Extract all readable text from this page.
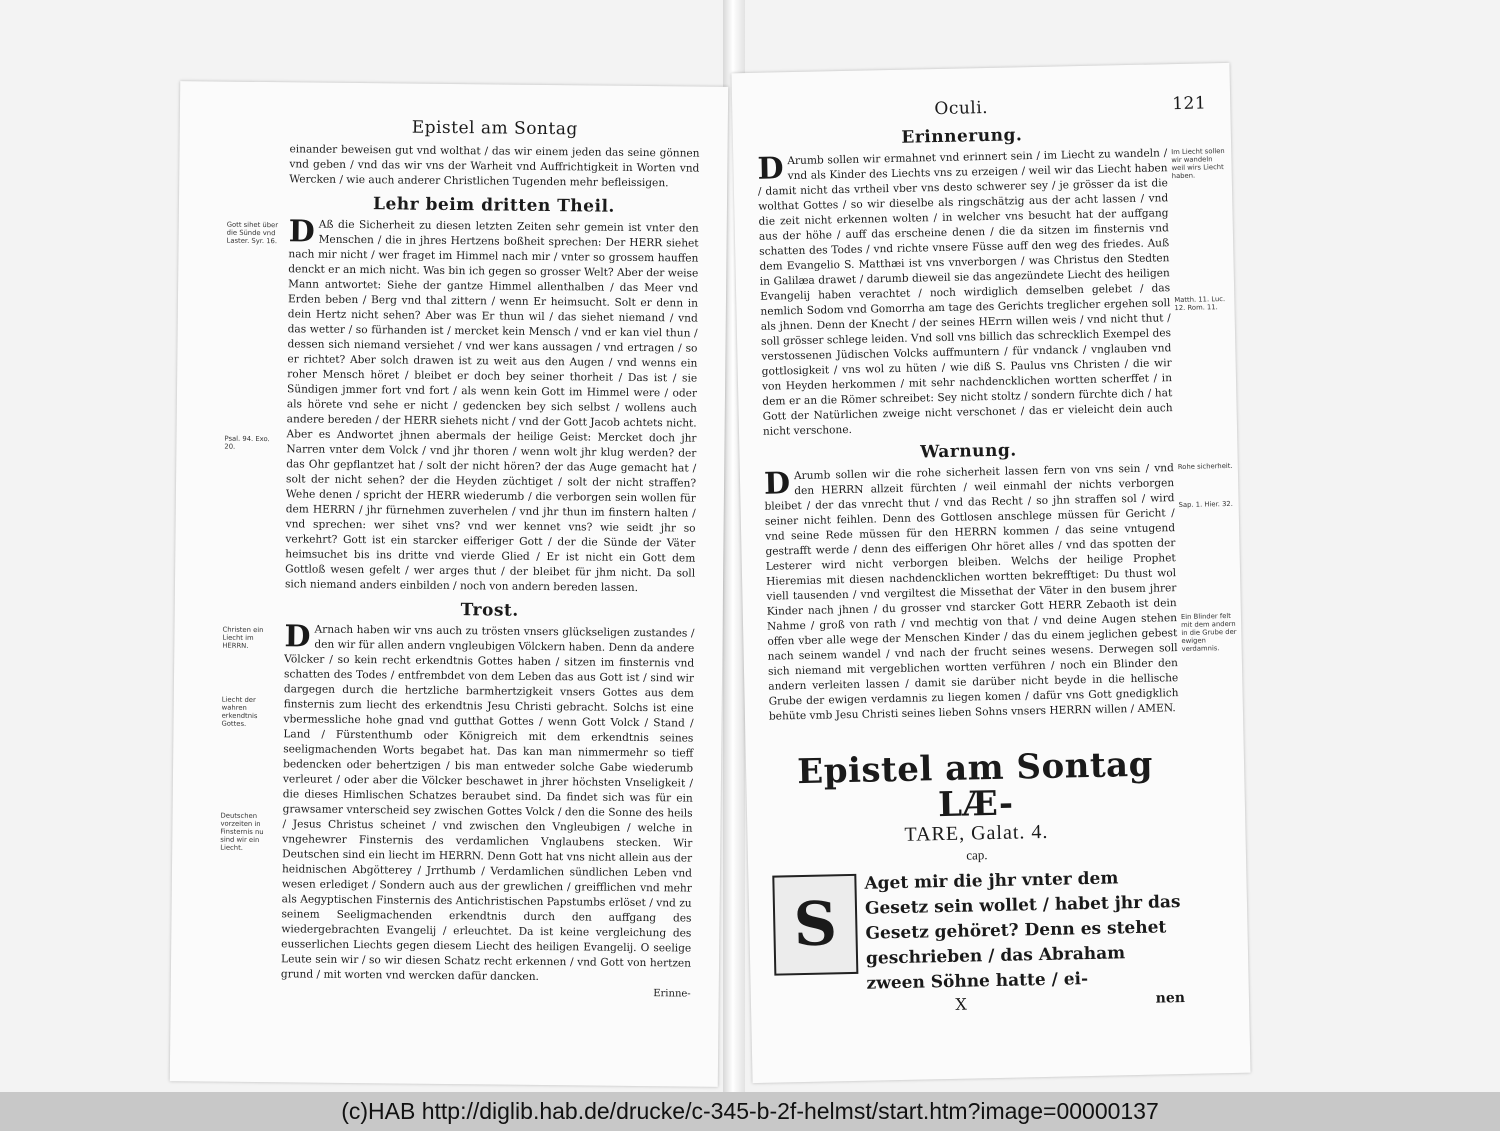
Epistel am Sontag
einander beweisen gut vnd wolthat / das wir einem jeden das seine gönnen vnd geben / vnd das wir vns der Warheit vnd Auffrichtigkeit in Worten vnd Wercken / wie auch anderer Christlichen Tugenden mehr befleissigen.
Lehr beim dritten Theil.
Gott sihet über die Sünde vnd Laster. Syr. 16.
Psal. 94. Exo. 20.
D Aß die Sicherheit zu diesen letzten Zeiten sehr gemein ist vnter den Menschen / die in jhres Hertzens boßheit sprechen: Der HERR siehet nach mir nicht / wer fraget im Himmel nach mir / vnter so grossem hauffen denckt er an mich nicht. Was bin ich gegen so grosser Welt? Aber der weise Mann antwortet: Siehe der gantze Himmel allenthalben / das Meer vnd Erden beben / Berg vnd thal zittern / wenn Er heimsucht. Solt er denn in dein Hertz nicht sehen? Aber was Er thun wil / das siehet niemand / vnd das wetter / so fürhanden ist / mercket kein Mensch / vnd er kan viel thun / dessen sich niemand versiehet / vnd wer kans aussagen / vnd ertragen / so er richtet? Aber solch drawen ist zu weit aus den Augen / vnd wenns ein roher Mensch höret / bleibet er doch bey seiner thorheit / Das ist / sie Sündigen jmmer fort vnd fort / als wenn kein Gott im Himmel were / oder als hörete vnd sehe er nicht / gedencken bey sich selbst / wollens auch andere bereden / der HERR siehets nicht / vnd der Gott Jacob achtets nicht. Aber es Andwortet jhnen abermals der heilige Geist: Mercket doch jhr Narren vnter dem Volck / vnd jhr thoren / wenn wolt jhr klug werden? der das Ohr gepflantzet hat / solt der nicht hören? der das Auge gemacht hat / solt der nicht sehen? der die Heyden züchtiget / solt der nicht straffen? Wehe denen / spricht der HERR wiederumb / die verborgen sein wollen für dem HERRN / jhr fürnehmen zuverhelen / vnd jhr thun im finstern halten / vnd sprechen: wer sihet vns? vnd wer kennet vns? wie seidt jhr so verkehrt? Gott ist ein starcker eifferiger Gott / der die Sünde der Väter heimsuchet bis ins dritte vnd vierde Glied / Er ist nicht ein Gott dem Gottloß wesen gefelt / wer arges thut / der bleibet für jhm nicht. Da soll sich niemand anders einbilden / noch von andern bereden lassen.
Trost.
Christen ein Liecht im HERRN.
Liecht der wahren erkendtnis Gottes.
Deutschen vorzeiten in Finsternis nu sind wir ein Liecht.
D Arnach haben wir vns auch zu trösten vnsers glückseligen zustandes / den wir für allen andern vngleubigen Völckern haben. Denn da andere Völcker / so kein recht erkendtnis Gottes haben / sitzen im finsternis vnd schatten des Todes / entfrembdet von dem Leben das aus Gott ist / sind wir dargegen durch die hertzliche barmhertzigkeit vnsers Gottes aus dem finsternis zum liecht des erkendtnis Jesu Christi gebracht. Solchs ist eine vbermessliche hohe gnad vnd gutthat Gottes / wenn Gott Volck / Stand / Land / Fürstenthumb oder Königreich mit dem erkendtnis seines seeligmachenden Worts begabet hat. Das kan man nimmermehr so tieff bedencken oder behertzigen / bis man entweder solche Gabe wiederumb verleuret / oder aber die Völcker beschawet in jhrer höchsten Vnseligkeit / die dieses Himlischen Schatzes beraubet sind. Da findet sich was für ein grawsamer vnterscheid sey zwischen Gottes Volck / den die Sonne des heils / Jesus Christus scheinet / vnd zwischen den Vngleubigen / welche in vngehewrer Finsternis des verdamlichen Vnglaubens stecken. Wir Deutschen sind ein liecht im HERRN. Denn Gott hat vns nicht allein aus der heidnischen Abgötterey / Jrrthumb / Verdamlichen sündlichen Leben vnd wesen erlediget / Sondern auch aus der grewlichen / greifflichen vnd mehr als Aegyptischen Finsternis des Antichristischen Papstumbs erlöset / vnd zu seinem Seeligmachenden erkendtnis durch den auffgang des wiedergebrachten Evangelij / erleuchtet. Da ist keine vergleichung des eusserlichen Liechts gegen diesem Liecht des heiligen Evangelij. O seelige Leute sein wir / so wir diesen Schatz recht erkennen / vnd Gott von hertzen grund / mit worten vnd wercken dafür dancken.
Erinne-
Oculi.	121
Erinnerung.
Im Liecht sollen wir wandeln weil wirs Liecht haben.
Matth. 11. Luc. 12. Rom. 11.
D Arumb sollen wir ermahnet vnd erinnert sein / im Liecht zu wandeln / vnd als Kinder des Liechts vns zu erzeigen / weil wir das Liecht haben / damit nicht das vrtheil vber vns desto schwerer sey / je grösser da ist die wolthat Gottes / so wir dieselbe als ringschätzig aus der acht lassen / vnd die zeit nicht erkennen wolten / in welcher vns besucht hat der auffgang aus der höhe / auff das erscheine denen / die da sitzen im finsternis vnd schatten des Todes / vnd richte vnsere Füsse auff den weg des friedes. Auß dem Evangelio S. Matthæi ist vns vnverborgen / was Christus den Stedten in Galilæa drawet / darumb dieweil sie das angezündete Liecht des heiligen Evangelij haben verachtet / noch wirdiglich demselben gelebet / das nemlich Sodom vnd Gomorrha am tage des Gerichts treglicher ergehen soll als jhnen. Denn der Knecht / der seines HErrn willen weis / vnd nicht thut / soll grösser schlege leiden. Vnd soll vns billich das schrecklich Exempel des verstossenen Jüdischen Volcks auffmuntern / für vndanck / vnglauben vnd gottlosigkeit / vns wol zu hüten / wie diß S. Paulus vns Christen / die wir von Heyden herkommen / mit sehr nachdencklichen wortten scherffet / in dem er an die Römer schreibet: Sey nicht stoltz / sondern fürchte dich / hat Gott der Natürlichen zweige nicht verschonet / das er vieleicht dein auch nicht verschone.
Warnung.
Rohe sicherheit.
Sap. 1. Hier. 32.
Ein Blinder felt mit dem andern in die Grube der ewigen verdamnis.
D Arumb sollen wir die rohe sicherheit lassen fern von vns sein / vnd den HERRN allzeit fürchten / weil einmahl der nichts verborgen bleibet / der das vnrecht thut / vnd das Recht / so jhn straffen sol / wird seiner nicht feihlen. Denn des Gottlosen anschlege müssen für Gericht / vnd seine Rede müssen für den HERRN kommen / das seine vntugend gestrafft werde / denn des eifferigen Ohr höret alles / vnd das spotten der Lesterer wird nicht verborgen bleiben. Welchs der heilige Prophet Hieremias mit diesen nachdencklichen wortten bekrefftiget: Du thust wol viell tausenden / vnd vergiltest die Missethat der Väter in den busem jhrer Kinder nach jhnen / du grosser vnd starcker Gott HERR Zebaoth ist dein Nahme / groß von rath / vnd mechtig von that / vnd deine Augen stehen offen vber alle wege der Menschen Kinder / das du einem jeglichen gebest nach seinem wandel / vnd nach der frucht seines wesens. Derwegen soll sich niemand mit vergeblichen wortten verführen / noch ein Blinder den andern verleiten lassen / damit sie darüber nicht beyde in die hellische Grube der ewigen verdamnis zu liegen komen / dafür vns Gott gnedigklich behüte vmb Jesu Christi seines lieben Sohns vnsers HERRN willen / AMEN.
Epistel am Sontag LÆ-
TARE, Galat. 4.
cap.
S
Aget mir die jhr vnter dem Gesetz sein wollet / habet jhr das Gesetz gehöret? Denn es stehet geschrieben / das Abraham zween Söhne hatte / ei-
X	nen
(c)HAB http://diglib.hab.de/drucke/c-345-b-2f-helmst/start.htm?image=00000137
